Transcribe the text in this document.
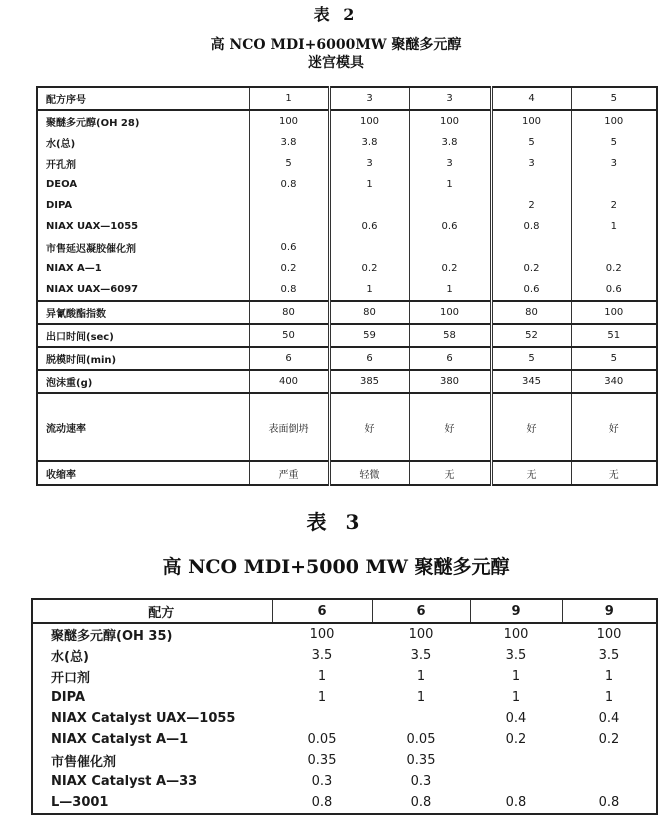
表 2
高 NCO MDI+6000MW 聚醚多元醇
迷宫模具
配方序号	1	3	3	4	5
聚醚多元醇(OH 28)	100	100	100	100	100
水(总)	3.8	3.8	3.8	5	5
开孔剂	5	3	3	3	3
DEOA	0.8	1	1		
DIPA				2	2
NIAX UAX—1055		0.6	0.6	0.8	1
市售延迟凝胶催化剂	0.6				
NIAX A—1	0.2	0.2	0.2	0.2	0.2
NIAX UAX—6097	0.8	1	1	0.6	0.6
异氰酸酯指数	80	80	100	80	100
出口时间(sec)	50	59	58	52	51
脱模时间(min)	6	6	6	5	5
泡沫重(g)	400	385	380	345	340
流动速率	表面倒坍	好	好	好	好
收缩率	严重	轻微	无	无	无
表 3
高 NCO MDI+5000 MW 聚醚多元醇
配方	6	6	9	9
聚醚多元醇(OH 35)	100	100	100	100
水(总)	3.5	3.5	3.5	3.5
开口剂	1	1	1	1
DIPA	1	1	1	1
NIAX Catalyst UAX—1055			0.4	0.4
NIAX Catalyst A—1	0.05	0.05	0.2	0.2
市售催化剂	0.35	0.35		
NIAX Catalyst A—33	0.3	0.3		
L—3001	0.8	0.8	0.8	0.8
